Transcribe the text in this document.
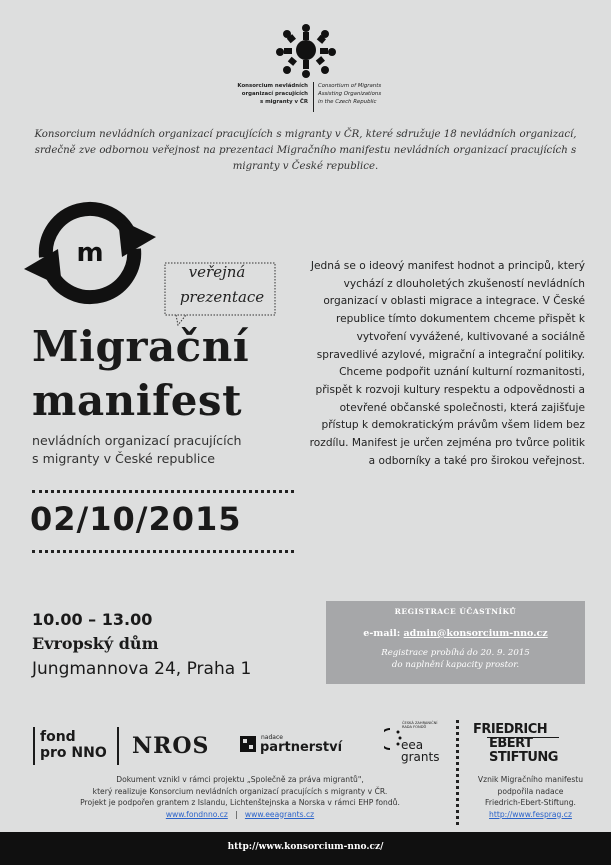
Konsorcium nevládních
organizací pracujících
s migranty v ČR
Consortium of Migrants
Assisting Organizations
in the Czech Republic
Konsorcium nevládních organizací pracujících s migranty v ČR, které sdružuje 18 nevládních organizací, srdečně zve odbornou veřejnost na prezentaci Migračního manifestu nevládních organizací pracujících s migranty v České republice.
m
veřejná
prezentace
Migrační
manifest
nevládních organizací pracujících
s migranty v České republice
02/10/2015
Jedná se o ideový manifest hodnot a principů, který vychází z dlouholetých zkušeností nevládních organizací v oblasti migrace a integrace. V České republice tímto dokumentem chceme přispět k vytvoření vyvážené, kultivované a sociálně spravedlivé azylové, migrační a integrační politiky. Chceme podpořit uznání kulturní rozmanitosti, přispět k rozvoji kultury respektu a odpovědnosti a otevřené občanské společnosti, která zajišťuje přístup k demokratickým právům všem lidem bez rozdílu. Manifest je určen zejména pro tvůrce politik a odborníky a také pro širokou veřejnost.
10.00 – 13.00
Evropský dům
Jungmannova 24, Praha 1
REGISTRACE ÚČASTNÍKŮ
e-mail: admin@konsorcium-nno.cz
Registrace probíhá do 20. 9. 2015
do naplnění kapacity prostor.
fond
pro NNO NROS	nadace
partnerství
ČESKÁ ZAHRANIČNÍ RADA FONDŮ
eea
grants
FRIEDRICH
EBERT
STIFTUNG
Dokument vznikl v rámci projektu „Společně za práva migrantů",
který realizuje Konsorcium nevládních organizací pracujících s migranty v ČR.
Projekt je podpořen grantem z Islandu, Lichtenštejnska a Norska v rámci EHP fondů.
www.fondnno.cz | www.eeagrants.cz
Vznik Migračního manifestu
podpořila nadace
Friedrich-Ebert-Stiftung.
http://www.fesprag.cz
http://www.konsorcium-nno.cz/
